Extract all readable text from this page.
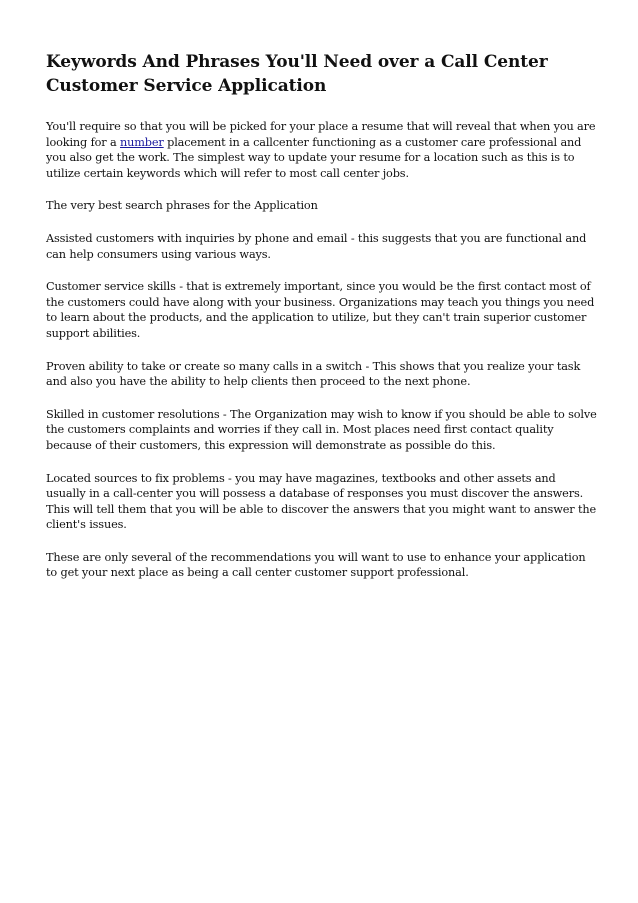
Keywords And Phrases You'll Need over a Call Center Customer Service Application

You'll require so that you will be picked for your place a resume that will reveal that when you are looking for a number placement in a callcenter functioning as a customer care professional and you also get the work. The simplest way to update your resume for a location such as this is to utilize certain keywords which will refer to most call center jobs.

The very best search phrases for the Application

Assisted customers with inquiries by phone and email - this suggests that you are functional and can help consumers using various ways.

Customer service skills - that is extremely important, since you would be the first contact most of the customers could have along with your business. Organizations may teach you things you need to learn about the products, and the application to utilize, but they can't train superior customer support abilities.

Proven ability to take or create so many calls in a switch - This shows that you realize your task and also you have the ability to help clients then proceed to the next phone.

Skilled in customer resolutions - The Organization may wish to know if you should be able to solve the customers complaints and worries if they call in. Most places need first contact quality because of their customers, this expression will demonstrate as possible do this.

Located sources to fix problems - you may have magazines, textbooks and other assets and usually in a call-center you will possess a database of responses you must discover the answers. This will tell them that you will be able to discover the answers that you might want to answer the client's issues.

These are only several of the recommendations you will want to use to enhance your application to get your next place as being a call center customer support professional.
